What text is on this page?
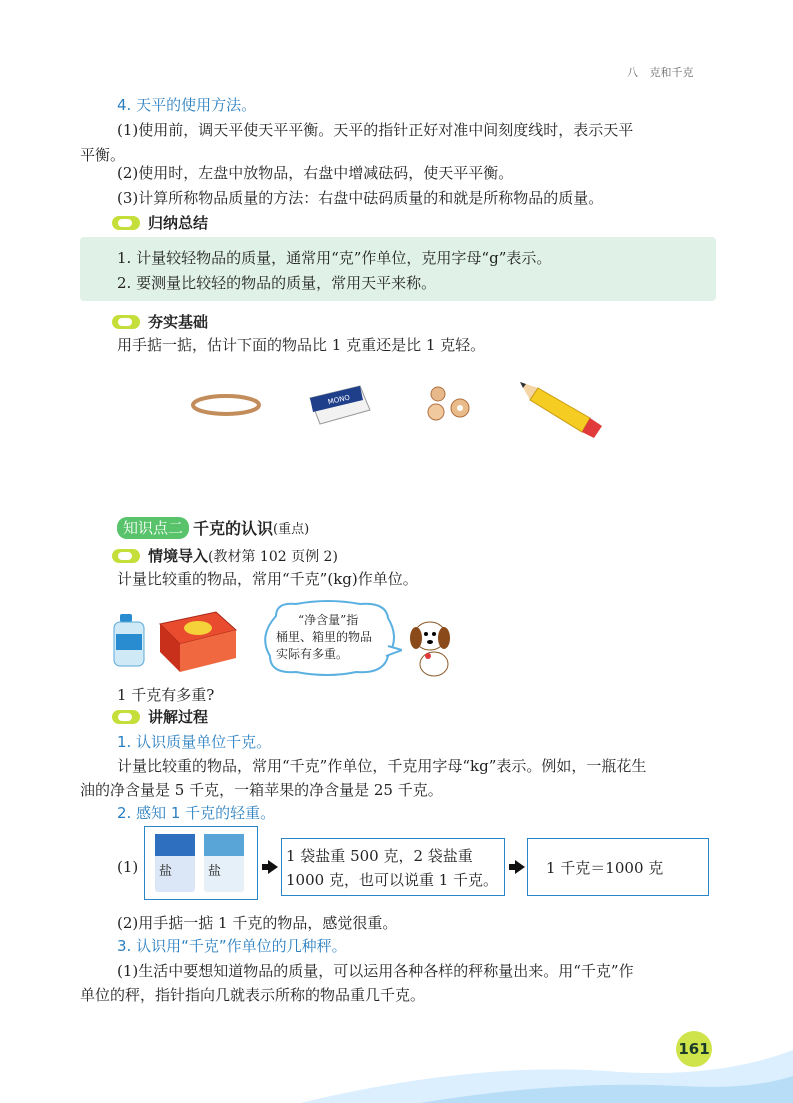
八 克和千克
4. 天平的使用方法。
(1)使用前，调天平使天平平衡。天平的指针正好对准中间刻度线时，表示天平
平衡。
(2)使用时，左盘中放物品，右盘中增减砝码，使天平平衡。
(3)计算所称物品质量的方法：右盘中砝码质量的和就是所称物品的质量。
归纳总结
1. 计量较轻物品的质量，通常用“克”作单位，克用字母“g”表示。
2. 要测量比较轻的物品的质量，常用天平来称。
夯实基础
用手掂一掂，估计下面的物品比 1 克重还是比 1 克轻。
MONO
知识点二 千克的认识 (重点)
情境导入 (教材第 102 页例 2)
计量比较重的物品，常用“千克”(kg)作单位。
“净含量”指
桶里、箱里的物品
实际有多重。
1 千克有多重?
讲解过程
1. 认识质量单位千克。
计量比较重的物品，常用“千克”作单位，千克用字母“kg”表示。例如，一瓶花生
油的净含量是 5 千克，一箱苹果的净含量是 25 千克。
2. 感知 1 千克的轻重。
(1)	盐	盐
1 袋盐重 500 克，2 袋盐重
1000 克，也可以说重 1 千克。
1 千克＝1000 克
(2)用手掂一掂 1 千克的物品，感觉很重。
3. 认识用“千克”作单位的几种秤。
(1)生活中要想知道物品的质量，可以运用各种各样的秤称量出来。用“千克”作
单位的秤，指针指向几就表示所称的物品重几千克。
161
